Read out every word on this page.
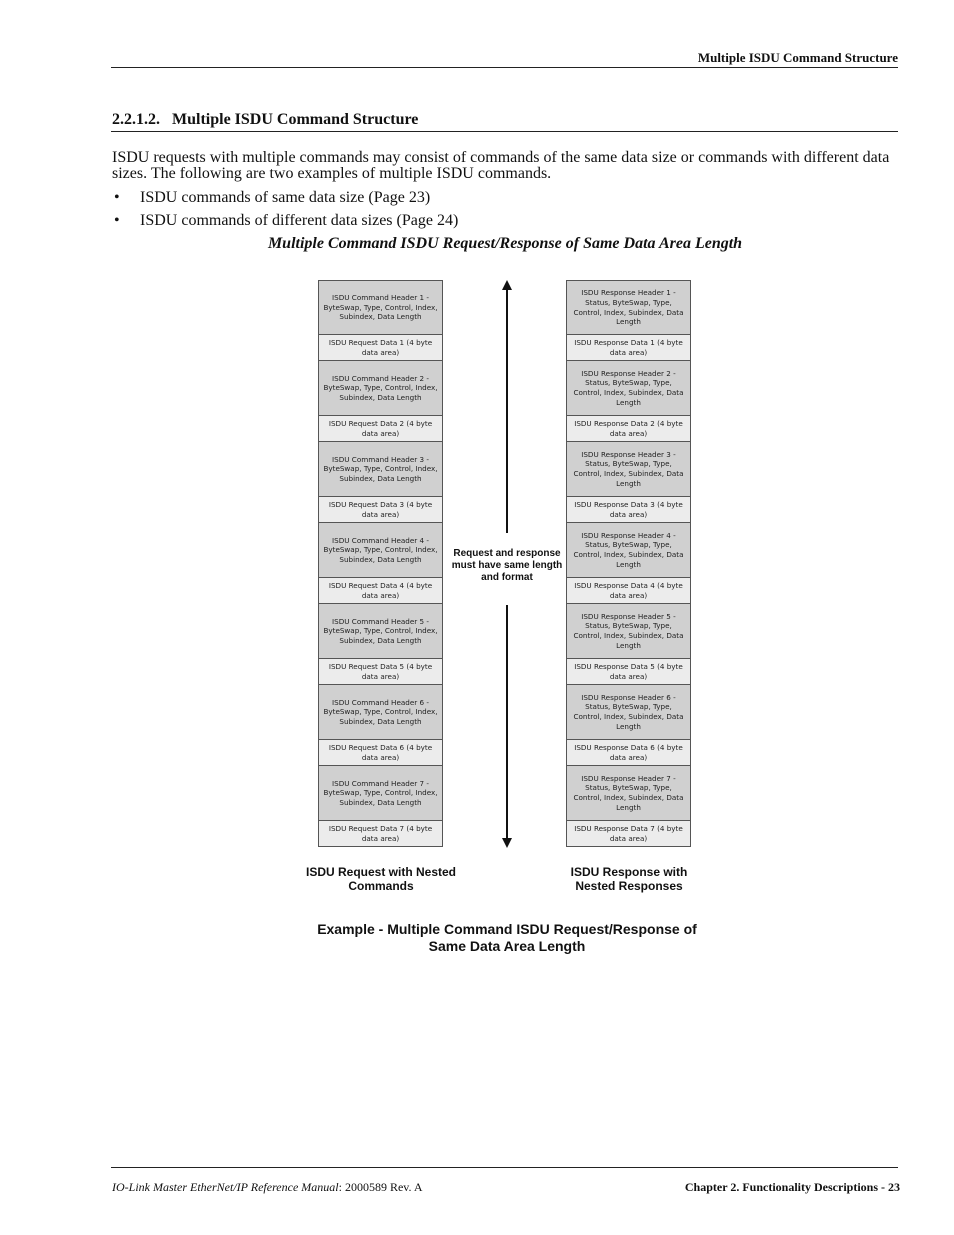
Multiple ISDU Command Structure
2.2.1.2. Multiple ISDU Command Structure
ISDU requests with multiple commands may consist of commands of the same data size or commands with different data sizes. The following are two examples of multiple ISDU commands.
• ISDU commands of same data size (Page 23)
• ISDU commands of different data sizes (Page 24)
Multiple Command ISDU Request/Response of Same Data Area Length
ISDU Command Header 1 - ByteSwap, Type, Control, Index, Subindex, Data Length
ISDU Request Data 1 (4 byte data area)
ISDU Command Header 2 - ByteSwap, Type, Control, Index, Subindex, Data Length
ISDU Request Data 2 (4 byte data area)
ISDU Command Header 3 - ByteSwap, Type, Control, Index, Subindex, Data Length
ISDU Request Data 3 (4 byte data area)
ISDU Command Header 4 - ByteSwap, Type, Control, Index, Subindex, Data Length
ISDU Request Data 4 (4 byte data area)
ISDU Command Header 5 - ByteSwap, Type, Control, Index, Subindex, Data Length
ISDU Request Data 5 (4 byte data area)
ISDU Command Header 6 - ByteSwap, Type, Control, Index, Subindex, Data Length
ISDU Request Data 6 (4 byte data area)
ISDU Command Header 7 - ByteSwap, Type, Control, Index, Subindex, Data Length
ISDU Request Data 7 (4 byte data area)
ISDU Response Header 1 - Status, ByteSwap, Type, Control, Index, Subindex, Data Length
ISDU Response Data 1 (4 byte data area)
ISDU Response Header 2 - Status, ByteSwap, Type, Control, Index, Subindex, Data Length
ISDU Response Data 2 (4 byte data area)
ISDU Response Header 3 - Status, ByteSwap, Type, Control, Index, Subindex, Data Length
ISDU Response Data 3 (4 byte data area)
ISDU Response Header 4 - Status, ByteSwap, Type, Control, Index, Subindex, Data Length
ISDU Response Data 4 (4 byte data area)
ISDU Response Header 5 - Status, ByteSwap, Type, Control, Index, Subindex, Data Length
ISDU Response Data 5 (4 byte data area)
ISDU Response Header 6 - Status, ByteSwap, Type, Control, Index, Subindex, Data Length
ISDU Response Data 6 (4 byte data area)
ISDU Response Header 7 - Status, ByteSwap, Type, Control, Index, Subindex, Data Length
ISDU Response Data 7 (4 byte data area)
Request and response must have same length and format
ISDU Request with Nested Commands
ISDU Response with Nested Responses
Example - Multiple Command ISDU Request/Response of Same Data Area Length
IO-Link Master EtherNet/IP Reference Manual: 2000589 Rev. A	Chapter 2. Functionality Descriptions - 23
